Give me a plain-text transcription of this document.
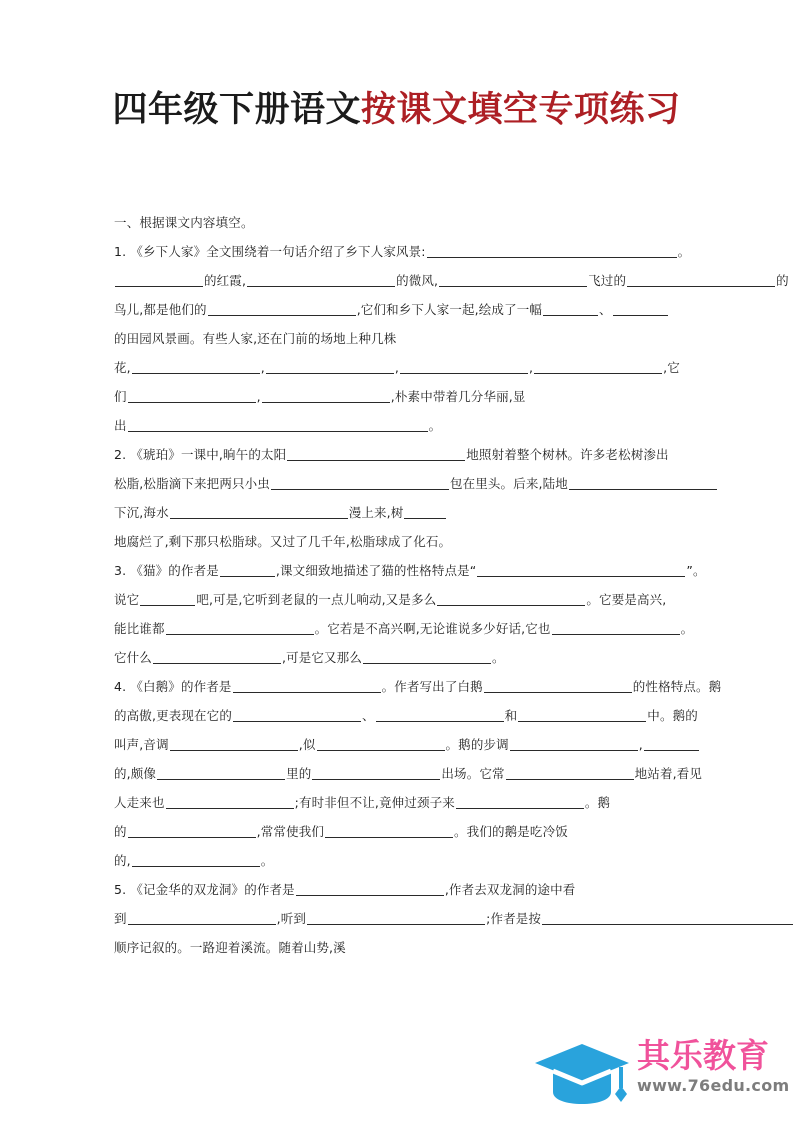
四年级下册语文按课文填空专项练习
一、根据课文内容填空。
1. 《乡下人家》全文围绕着一句话介绍了乡下人家风景:	。
的红霞,	的微风,	飞过的	的
鸟儿,都是他们的	,它们和乡下人家一起,绘成了一幅	、
的田园风景画。有些人家,还在门前的场地上种几株
花,	,	,	,	,它
们	,	,朴素中带着几分华丽,显
出	。
2. 《琥珀》一课中,晌午的太阳	地照射着整个树林。许多老松树渗出
松脂,松脂滴下来把两只小虫	包在里头。后来,陆地
下沉,海水	漫上来,树
地腐烂了,剩下那只松脂球。又过了几千年,松脂球成了化石。
3. 《猫》的作者是	,课文细致地描述了猫的性格特点是“	”。
说它	吧,可是,它听到老鼠的一点儿响动,又是多么	。它要是高兴,
能比谁都	。它若是不高兴啊,无论谁说多少好话,它也	。
它什么	,可是它又那么	。
4. 《白鹅》的作者是	。作者写出了白鹅	的性格特点。鹅
的高傲,更表现在它的	、	和	中。鹅的
叫声,音调	,似	。鹅的步调	,
的,颇像	里的	出场。它常	地站着,看见
人走来也	;有时非但不让,竟伸过颈子来	。鹅
的	,常常使我们	。我们的鹅是吃冷饭
的,	。
5. 《记金华的双龙洞》的作者是	,作者去双龙洞的途中看
到	,听到	;作者是按
顺序记叙的。一路迎着溪流。随着山势,溪
其乐教育
www.76edu.com
